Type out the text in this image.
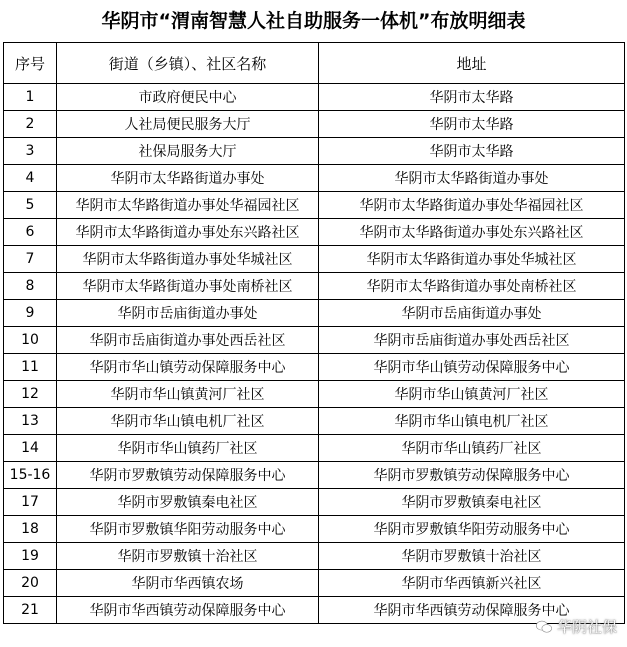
华阴市“渭南智慧人社自助服务一体机”布放明细表
序号	街道（乡镇）、社区名称	地址
1	市政府便民中心	华阴市太华路
2	人社局便民服务大厅	华阴市太华路
3	社保局服务大厅	华阴市太华路
4	华阴市太华路街道办事处	华阴市太华路街道办事处
5	华阴市太华路街道办事处华福园社区	华阴市太华路街道办事处华福园社区
6	华阴市太华路街道办事处东兴路社区	华阴市太华路街道办事处东兴路社区
7	华阴市太华路街道办事处华城社区	华阴市太华路街道办事处华城社区
8	华阴市太华路街道办事处南桥社区	华阴市太华路街道办事处南桥社区
9	华阴市岳庙街道办事处	华阴市岳庙街道办事处
10	华阴市岳庙街道办事处西岳社区	华阴市岳庙街道办事处西岳社区
11	华阴市华山镇劳动保障服务中心	华阴市华山镇劳动保障服务中心
12	华阴市华山镇黄河厂社区	华阴市华山镇黄河厂社区
13	华阴市华山镇电机厂社区	华阴市华山镇电机厂社区
14	华阴市华山镇药厂社区	华阴市华山镇药厂社区
15-16	华阴市罗敷镇劳动保障服务中心	华阴市罗敷镇劳动保障服务中心
17	华阴市罗敷镇秦电社区	华阴市罗敷镇秦电社区
18	华阴市罗敷镇华阳劳动服务中心	华阴市罗敷镇华阳劳动服务中心
19	华阴市罗敷镇十治社区	华阴市罗敷镇十治社区
20	华阴市华西镇农场	华阴市华西镇新兴社区
21	华阴市华西镇劳动保障服务中心	华阴市华西镇劳动保障服务中心
华阴社保
